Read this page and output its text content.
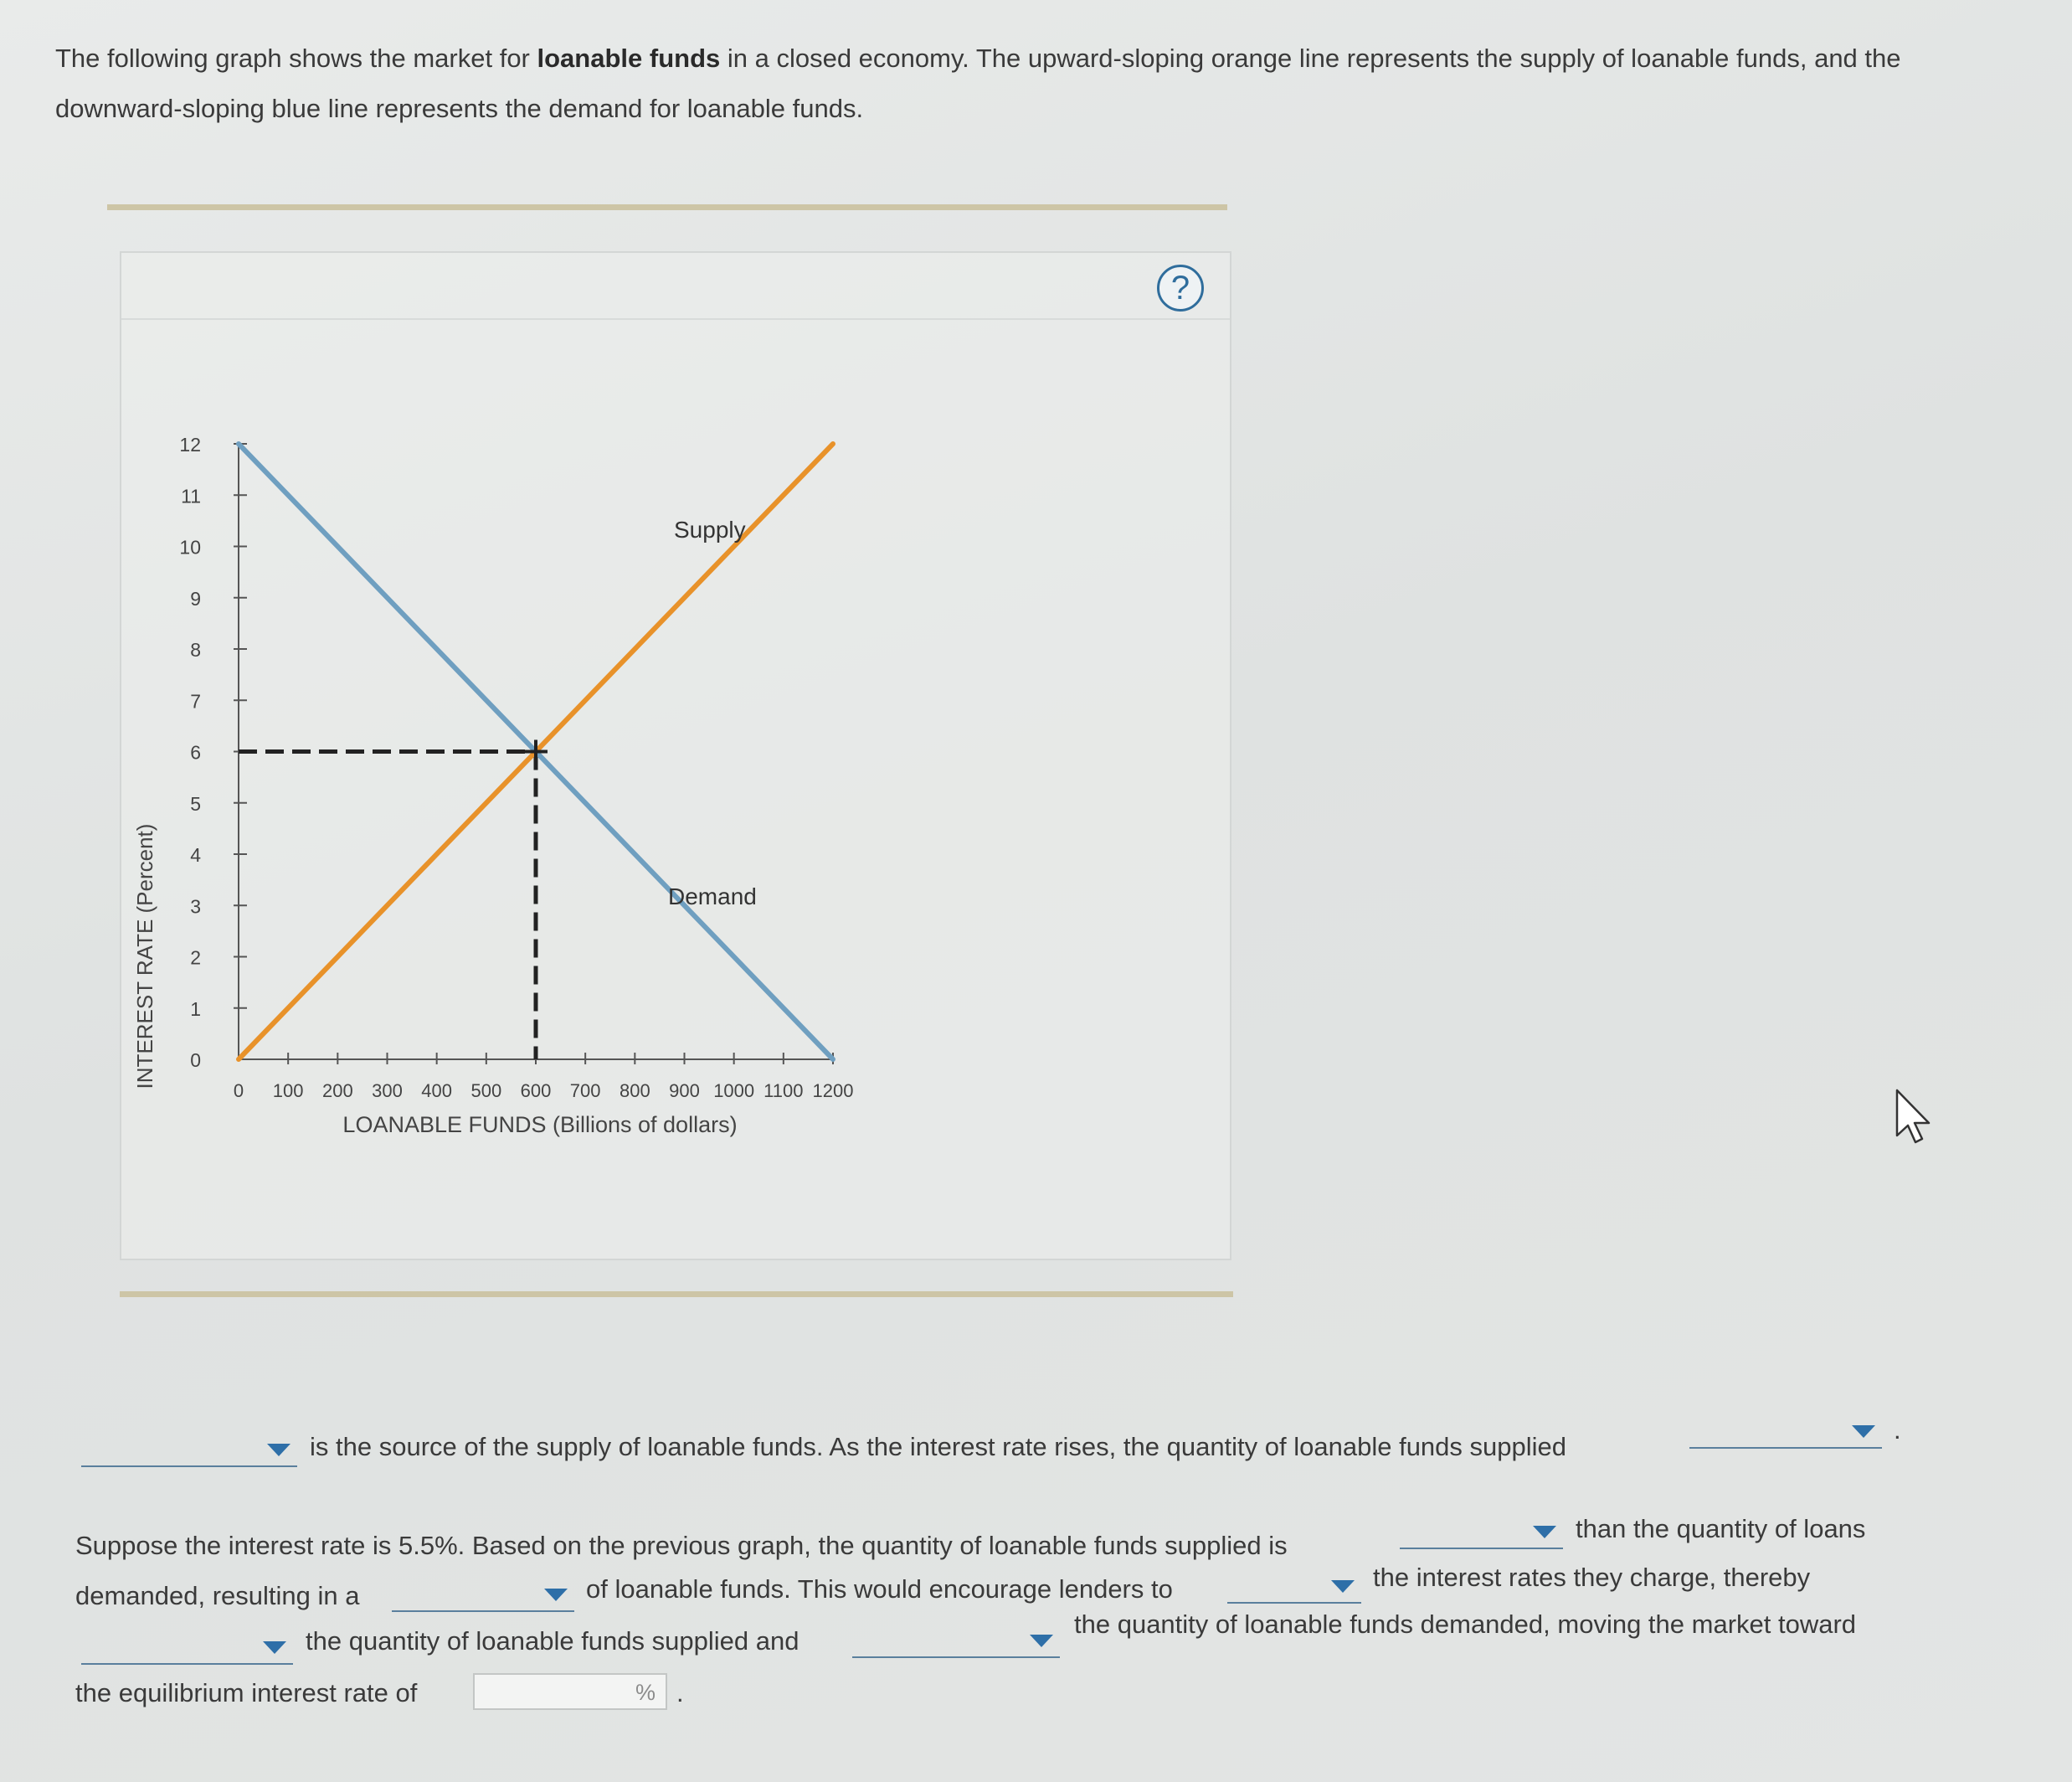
The following graph shows the market for loanable funds in a closed economy. The upward-sloping orange line represents the supply of loanable funds, and the downward-sloping blue line represents the demand for loanable funds.
?
0
1
2
3
4
5
6
7
8
9
10
11
12
0 100 200 300 400 500 600 700 800 900 1000 1100 1200
Supply
Demand
INTEREST RATE (Percent)
LOANABLE FUNDS (Billions of dollars)
is the source of the supply of loanable funds. As the interest rate rises, the quantity of loanable funds supplied
.
Suppose the interest rate is 5.5%. Based on the previous graph, the quantity of loanable funds supplied is
than the quantity of loans
demanded, resulting in a	of loanable funds. This would encourage lenders to	the interest rates they charge, thereby
the quantity of loanable funds supplied and
the quantity of loanable funds demanded, moving the market toward
the equilibrium interest rate of	% .
